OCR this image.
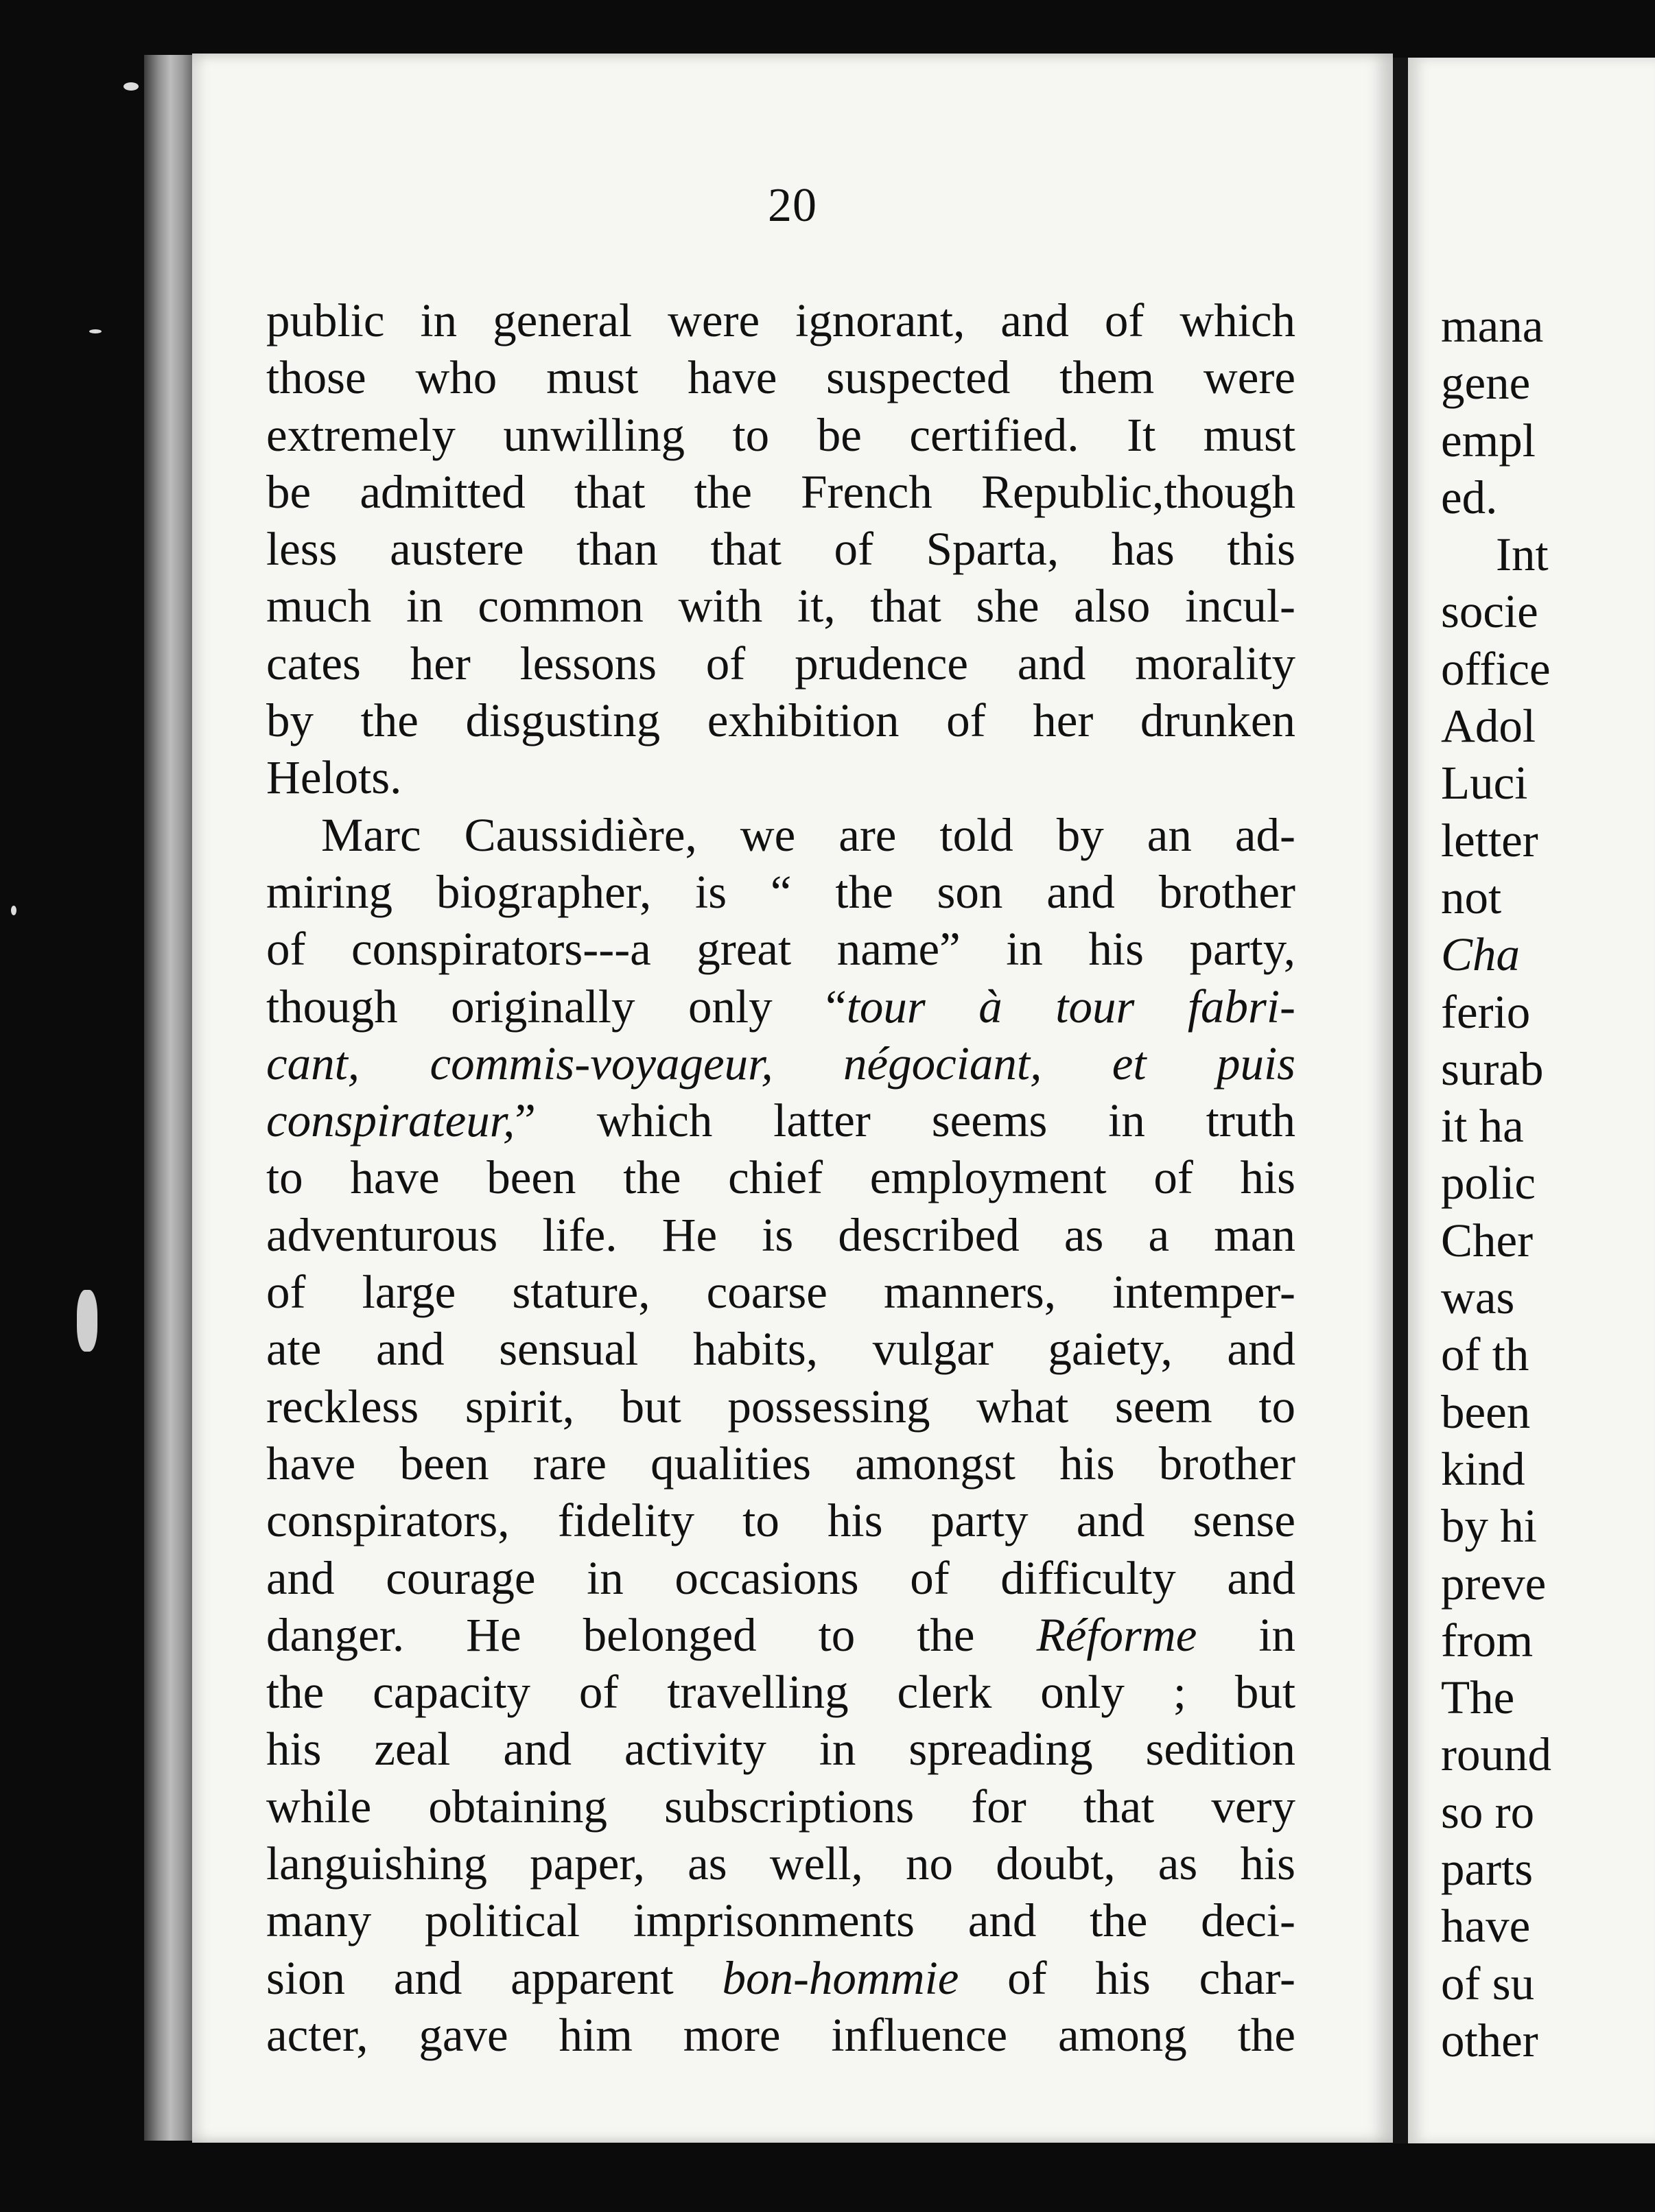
20
public in general were ignorant, and of which
those who must have suspected them were
extremely unwilling to be certified. It must
be admitted that the French Republic,though
less austere than that of Sparta, has this
much in common with it, that she also incul-
cates her lessons of prudence and morality
by the disgusting exhibition of her drunken
Helots.
Marc Caussidière, we are told by an ad-
miring biographer, is “ the son and brother
of conspirators---a great name” in his party,
though originally only “tour à tour fabri-
cant, commis-voyageur, négociant, et puis
conspirateur,” which latter seems in truth
to have been the chief employment of his
adventurous life. He is described as a man
of large stature, coarse manners, intemper-
ate and sensual habits, vulgar gaiety, and
reckless spirit, but possessing what seem to
have been rare qualities amongst his brother
conspirators, fidelity to his party and sense
and courage in occasions of difficulty and
danger. He belonged to the Réforme in
the capacity of travelling clerk only ; but
his zeal and activity in spreading sedition
while obtaining subscriptions for that very
languishing paper, as well, no doubt, as his
many political imprisonments and the deci-
sion and apparent bon-hommie of his char-
acter, gave him more influence among the
mana
gene
empl
ed.
Int
socie
office
Adol
Luci
letter
not
Cha
ferio
surab
it ha
polic
Cher
was
of th
been
kind
by hi
preve
from
The
round
so ro
parts
have
of su
other
